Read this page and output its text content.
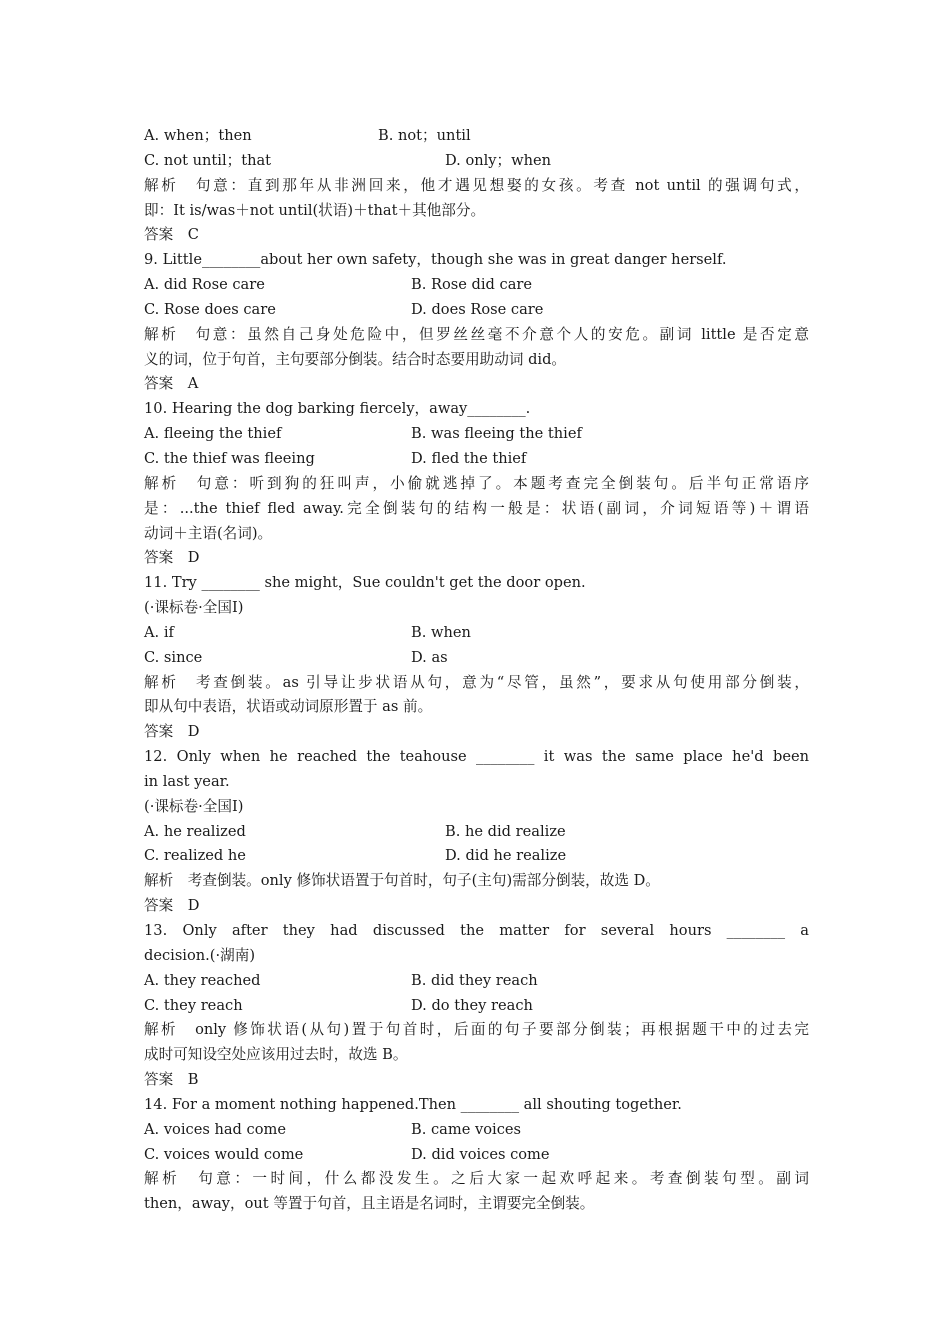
A. when；then	B. not；until
C. not until；that	D. only；when
解析　句意：直到那年从非洲回来，他才遇见想娶的女孩。考查 not until 的强调句式，
即：It is/was＋not until(状语)＋that＋其他部分。
答案　C
9. Little________about her own safety，though she was in great danger herself.
A. did Rose care	B. Rose did care
C. Rose does care	D. does Rose care
解析　句意：虽然自己身处危险中，但罗丝丝毫不介意个人的安危。副词 little 是否定意
义的词，位于句首，主句要部分倒装。结合时态要用助动词 did。
答案　A
10. Hearing the dog barking fiercely，away________.
A. fleeing the thief	B. was fleeing the thief
C. the thief was fleeing	D. fled the thief
解析　句意：听到狗的狂叫声，小偷就逃掉了。本题考查完全倒装句。后半句正常语序
是：...the thief fled away.完全倒装句的结构一般是：状语(副词，介词短语等)＋谓语
动词＋主语(名词)。
答案　D
11. Try ________ she might，Sue couldn't get the door open.
(·课标卷·全国Ⅰ)
A. if	B. when
C. since	D. as
解析　考查倒装。as 引导让步状语从句，意为“尽管，虽然”，要求从句使用部分倒装，
即从句中表语，状语或动词原形置于 as 前。
答案　D
12. Only when he reached the teahouse ________ it was the same place he'd been
in last year.
(·课标卷·全国Ⅰ)
A. he realized	B. he did realize
C. realized he	D. did he realize
解析　考查倒装。only 修饰状语置于句首时，句子(主句)需部分倒装，故选 D。
答案　D
13. Only after they had discussed the matter for several hours ________ a
decision.(·湖南)
A. they reached	B. did they reach
C. they reach	D. do they reach
解析　only 修饰状语(从句)置于句首时，后面的句子要部分倒装；再根据题干中的过去完
成时可知设空处应该用过去时，故选 B。
答案　B
14. For a moment nothing happened.Then ________ all shouting together.
A. voices had come	B. came voices
C. voices would come	D. did voices come
解析　句意：一时间，什么都没发生。之后大家一起欢呼起来。考查倒装句型。副词
then，away，out 等置于句首，且主语是名词时，主谓要完全倒装。
